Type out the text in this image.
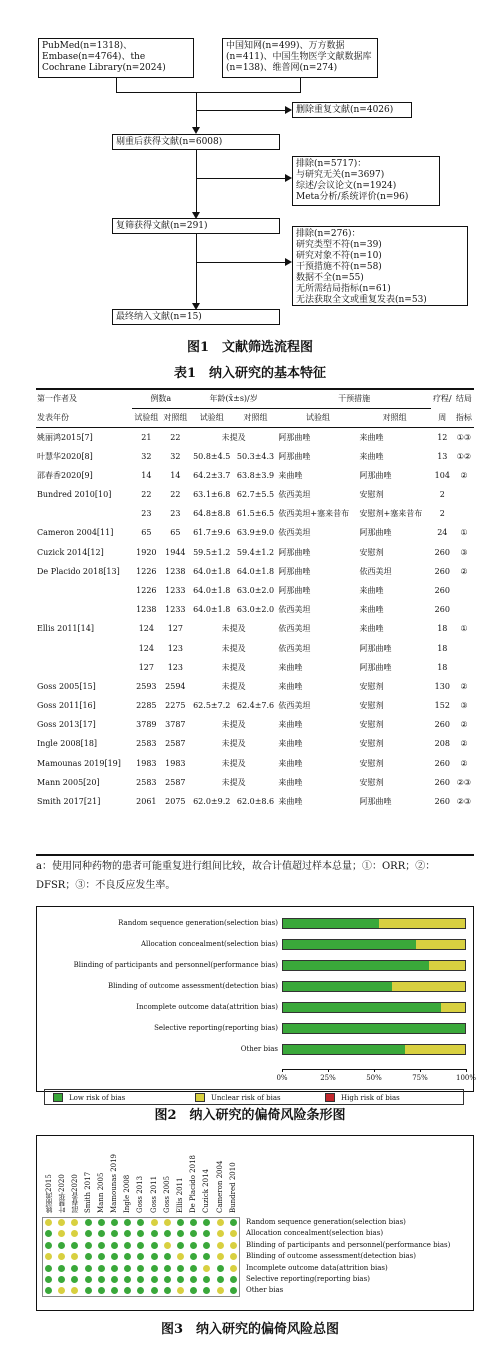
PubMed(n=1318)、Embase(n=4764)、the Cochrane Library(n=2024)
中国知网(n=499)、万方数据(n=411)、中国生物医学文献数据库(n=138)、维普网(n=274)
删除重复文献(n=4026)
剔重后获得文献(n=6008)
排除(n=5717)：
与研究无关(n=3697)
综述/会议论文(n=1924)
Meta分析/系统评价(n=96)
复筛获得文献(n=291)
排除(n=276)：
研究类型不符(n=39)
研究对象不符(n=10)
干预措施不符(n=58)
数据不全(n=55)
无所需结局指标(n=61)
无法获取全文或重复发表(n=53)
最终纳入文献(n=15)
图1　文献筛选流程图
表1　纳入研究的基本特征
第一作者及	例数a		年龄(x̄±s)/岁		干预措施		疗程/	结局
发表年份	试验组	对照组	试验组	对照组	试验组	对照组	周	指标
姚丽鸿2015[7]	21	22	未提及		阿那曲唑	来曲唑	12	①③
叶慧华2020[8]	32	32	50.8±4.5	50.3±4.3	阿那曲唑	来曲唑	13	①②
邵春香2020[9]	14	14	64.2±3.7	63.8±3.9	来曲唑	阿那曲唑	104	②
Bundred 2010[10]	22	22	63.1±6.8	62.7±5.5	依西美坦	安慰剂	2	
	23	23	64.8±8.8	61.5±6.5	依西美坦+塞来昔布	安慰剂+塞来昔布	2	
Cameron 2004[11]	65	65	61.7±9.6	63.9±9.0	依西美坦	阿那曲唑	24	①
Cuzick 2014[12]	1920	1944	59.5±1.2	59.4±1.2	阿那曲唑	安慰剂	260	③
De Placido 2018[13]	1226	1238	64.0±1.8	64.0±1.8	阿那曲唑	依西美坦	260	②
	1226	1233	64.0±1.8	63.0±2.0	阿那曲唑	来曲唑	260	
	1238	1233	64.0±1.8	63.0±2.0	依西美坦	来曲唑	260	
Ellis 2011[14]	124	127	未提及		依西美坦	来曲唑	18	①
	124	123	未提及		依西美坦	阿那曲唑	18	
	127	123	未提及		来曲唑	阿那曲唑	18	
Goss 2005[15]	2593	2594	未提及		来曲唑	安慰剂	130	②
Goss 2011[16]	2285	2275	62.5±7.2	62.4±7.6	依西美坦	安慰剂	152	③
Goss 2013[17]	3789	3787	未提及		来曲唑	安慰剂	260	②
Ingle 2008[18]	2583	2587	未提及		来曲唑	安慰剂	208	②
Mamounas 2019[19]	1983	1983	未提及		来曲唑	安慰剂	260	②
Mann 2005[20]	2583	2587	未提及		来曲唑	安慰剂	260	②③
Smith 2017[21]	2061	2075	62.0±9.2	62.0±8.6	来曲唑	阿那曲唑	260	②③
a：使用同种药物的患者可能重复进行组间比较，故合计值超过样本总量；①：ORR；②：DFSR；③：不良反应发生率。
Random sequence generation(selection bias)
Allocation concealment(selection bias)
Blinding of participants and personnel(performance bias)
Blinding of outcome assessment(detection bias)
Incomplete outcome data(attrition bias)
Selective reporting(reporting bias)
Other bias
0%	25%	50%	75%	100%
Low risk of bias	Unclear risk of bias	High risk of bias
图2　纳入研究的偏倚风险条形图
姚丽鸿2015 叶慧华2020 邵春香2020 Smith 2017 Mann 2005 Mamounas 2019 Ingle 2008 Goss 2013 Goss 2011 Goss 2005 Ellis 2011 De Placido 2018 Cuzick 2014 Cameron 2004 Bundred 2010
Random sequence generation(selection bias)
Allocation concealment(selection bias)
Blinding of participants and personnel(performance bias)
Blinding of outcome assessment(detection bias)
Incomplete outcome data(attrition bias)
Selective reporting(reporting bias)
Other bias
图3　纳入研究的偏倚风险总图
